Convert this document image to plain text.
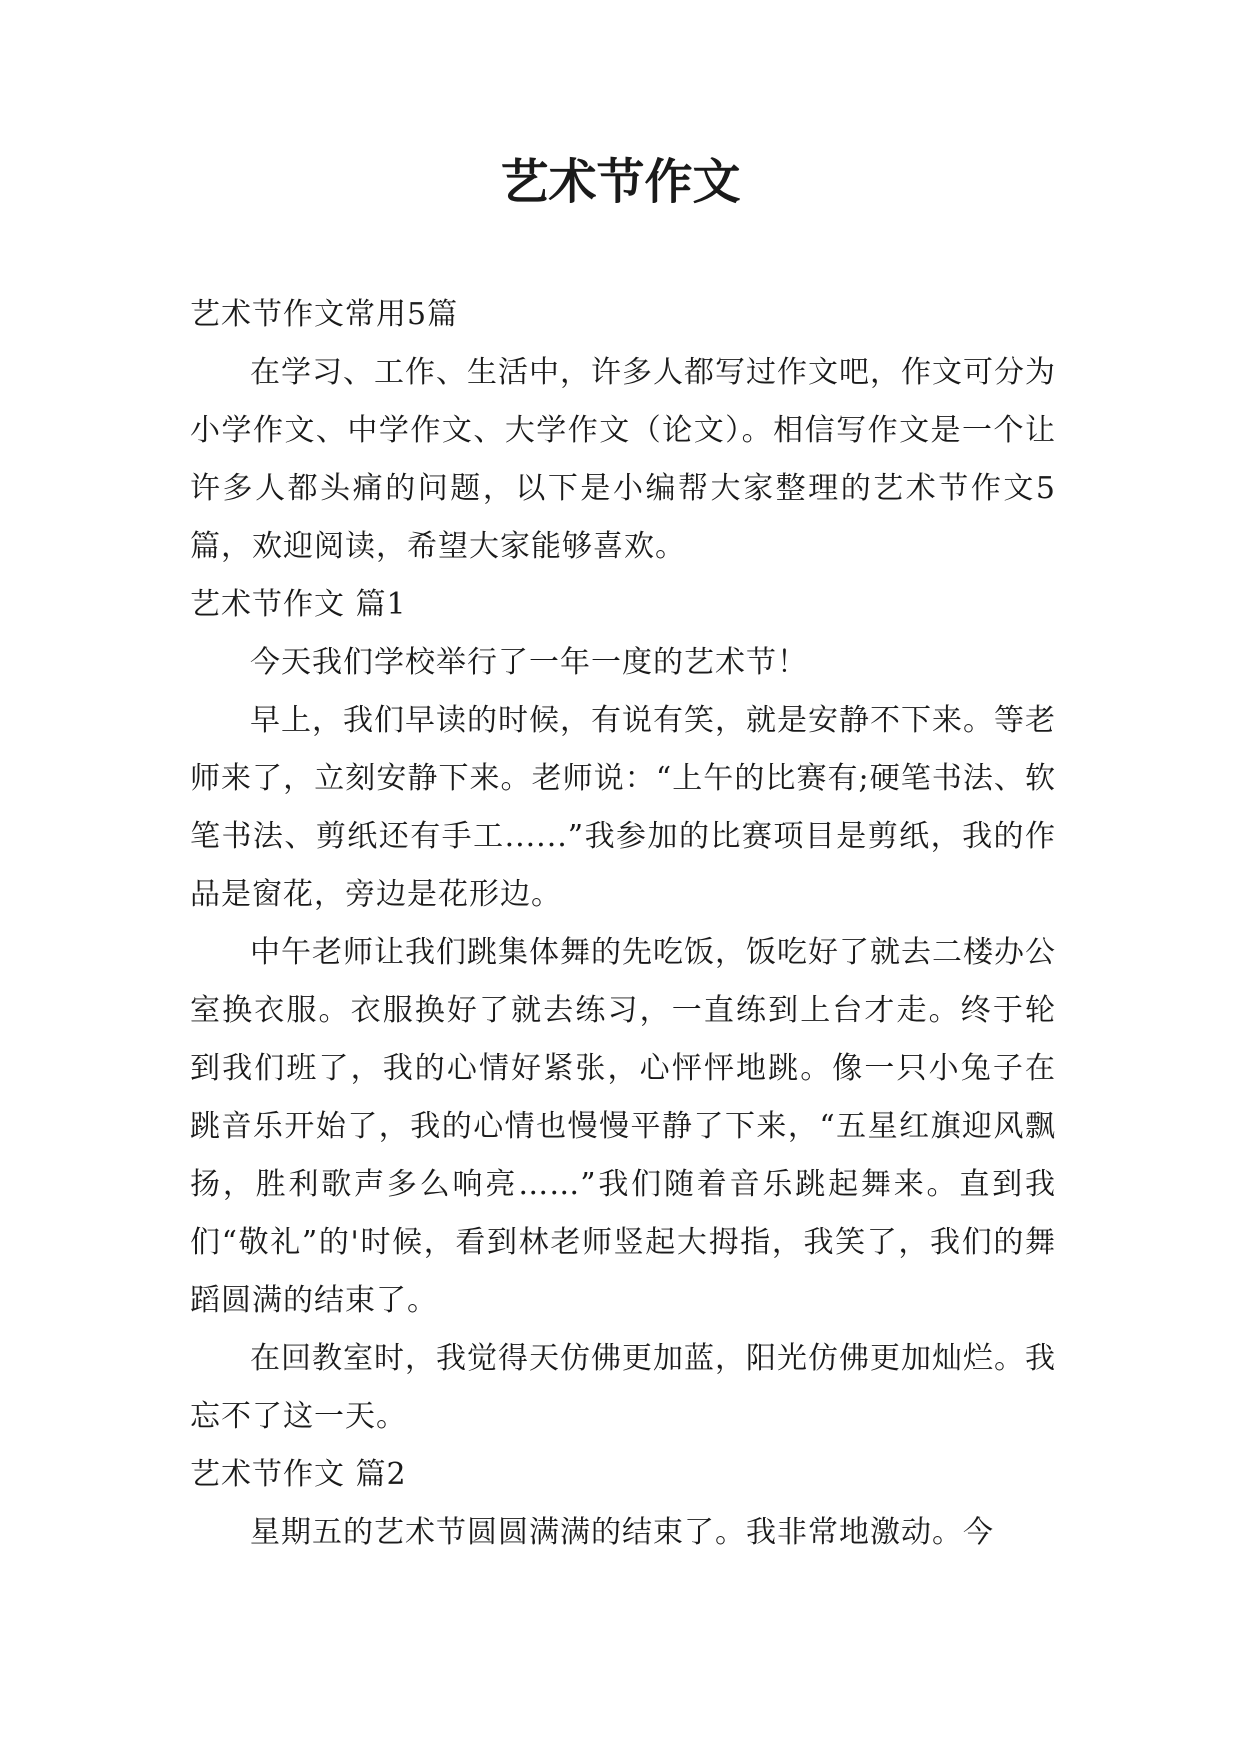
艺术节作文

艺术节作文常用5篇

在学习、工作、生活中，许多人都写过作文吧，作文可分为小学作文、中学作文、大学作文（论文）。相信写作文是一个让许多人都头痛的问题，以下是小编帮大家整理的艺术节作文5篇，欢迎阅读，希望大家能够喜欢。

艺术节作文 篇1

今天我们学校举行了一年一度的艺术节！

早上，我们早读的时候，有说有笑，就是安静不下来。等老师来了，立刻安静下来。老师说：“上午的比赛有;硬笔书法、软笔书法、剪纸还有手工......”我参加的比赛项目是剪纸，我的作品是窗花，旁边是花形边。

中午老师让我们跳集体舞的先吃饭，饭吃好了就去二楼办公室换衣服。衣服换好了就去练习，一直练到上台才走。终于轮到我们班了，我的心情好紧张，心怦怦地跳。像一只小兔子在跳音乐开始了，我的心情也慢慢平静了下来，“五星红旗迎风飘扬，胜利歌声多么响亮……”我们随着音乐跳起舞来。直到我们“敬礼”的'时候，看到林老师竖起大拇指，我笑了，我们的舞蹈圆满的结束了。

在回教室时，我觉得天仿佛更加蓝，阳光仿佛更加灿烂。我忘不了这一天。

艺术节作文 篇2

星期五的艺术节圆圆满满的结束了。我非常地激动。今
